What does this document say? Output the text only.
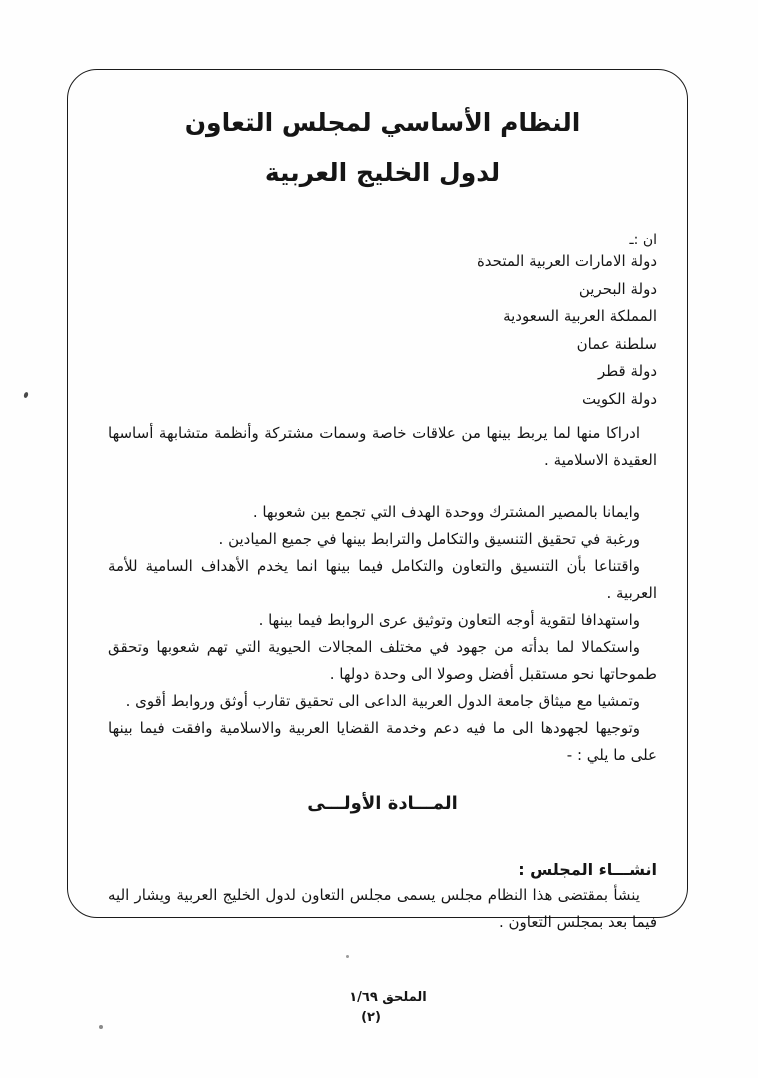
النظام الأساسي لمجلس التعاون
لدول الخليج العربية
ان :ـ
دولة الامارات العربية المتحدة
دولة البحرين
المملكة العربية السعودية
سلطنة عمان
دولة قطر
دولة الكويت

ادراكا منها لما يربط بينها من علاقات خاصة وسمات مشتركة وأنظمة متشابهة أساسها العقيدة الاسلامية .

وايمانا بالمصير المشترك ووحدة الهدف التي تجمع بين شعوبها .

ورغبة في تحقيق التنسيق والتكامل والترابط بينها في جميع الميادين .

واقتناعا بأن التنسيق والتعاون والتكامل فيما بينها انما يخدم الأهداف السامية للأمة العربية .

واستهدافا لتقوية أوجه التعاون وتوثيق عرى الروابط فيما بينها .

واستكمالا لما بدأته من جهود في مختلف المجالات الحيوية التي تهم شعوبها وتحقق طموحاتها نحو مستقبل أفضل وصولا الى وحدة دولها .

وتمشيا مع ميثاق جامعة الدول العربية الداعى الى تحقيق تقارب أوثق وروابط أقوى .

وتوجيها لجهودها الى ما فيه دعم وخدمة القضايا العربية والاسلامية وافقت فيما بينها على ما يلي : -

المـــادة الأولـــى
انشـــاء المجلس :

ينشأ بمقتضى هذا النظام مجلس يسمى مجلس التعاون لدول الخليج العربية ويشار اليه فيما بعد بمجلس التعاون .

الملحق ١/٦٩
(٢)
